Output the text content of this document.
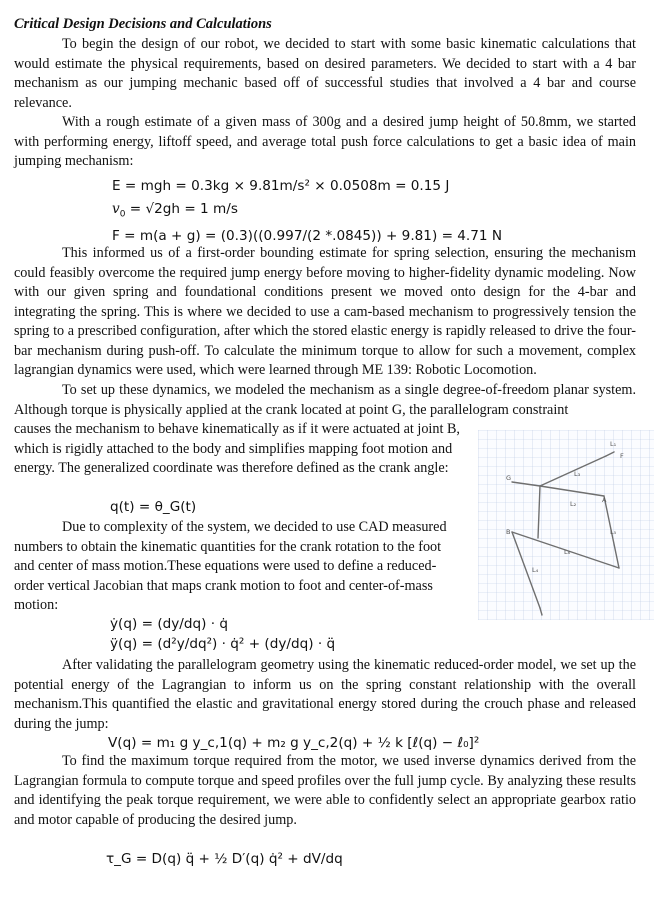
Critical Design Decisions and Calculations

To begin the design of our robot, we decided to start with some basic kinematic calculations that would estimate the physical requirements, based on desired parameters. We decided to start with a 4 bar mechanism as our jumping mechanic based off of successful studies that involved a 4 bar and course relevance.

With a rough estimate of a given mass of 300g and a desired jump height of 50.8mm, we started with performing energy, liftoff speed, and average total push force calculations to get a basic idea of main jumping mechanism:

E = mgh = 0.3kg × 9.81m/s² × 0.0508m = 0.15 J
$v_0 = √2gh = 1$ m/s
F = m(a + g) = (0.3)((0.997/(2 *.0845)) + 9.81) = 4.71 N

This informed us of a first-order bounding estimate for spring selection, ensuring the mechanism could feasibly overcome the required jump energy before moving to higher-fidelity dynamic modeling. Now with our given spring and foundational conditions present we moved onto design for the 4-bar and integrating the spring. This is where we decided to use a cam-based mechanism to progressively tension the spring to a prescribed configuration, after which the stored elastic energy is rapidly released to drive the four-bar mechanism during push-off. To calculate the minimum torque to allow for such a movement, complex lagrangian dynamics were used, which were learned through ME 139: Robotic Locomotion.

To set up these dynamics, we modeled the mechanism as a single degree-of-freedom planar system. Although torque is physically applied at the crank located at point G, the parallelogram constraint

causes the mechanism to behave kinematically as if it were actuated at joint B, which is rigidly attached to the body and simplifies mapping foot motion and energy. The generalized coordinate was therefore defined as the crank angle:

q(t) = θ_G(t)

Due to complexity of the system, we decided to use CAD measured numbers to obtain the kinematic quantities for the crank rotation to the foot and center of mass motion.These equations were used to define a reduced-order vertical Jacobian that maps crank motion to foot and center-of-mass motion:

ẏ(q) = (dy/dq) · q̇
ÿ(q) = (d²y/dq²) · q̇² + (dy/dq) · q̈

After validating the parallelogram geometry using the kinematic reduced-order model, we set up the potential energy of the Lagrangian to inform us on the spring constant relationship with the overall mechanism.This quantified the elastic and gravitational energy stored during the crouch phase and released during the jump:

V(q) = m₁ g y_c,1(q) + m₂ g y_c,2(q) + ½ k [ℓ(q) − ℓ₀]²

To find the maximum torque required from the motor, we used inverse dynamics derived from the Lagrangian formula to compute torque and speed profiles over the full jump cycle. By analyzing these results and identifying the peak torque requirement, we were able to confidently select an appropriate gearbox ratio and motor capable of producing the desired jump.

τ_G = D(q) q̈ + ½ D′(q) q̇² + dV/dq
G
L₁
L₃
A
L₂
B
L₄
L₅
L₆
F
